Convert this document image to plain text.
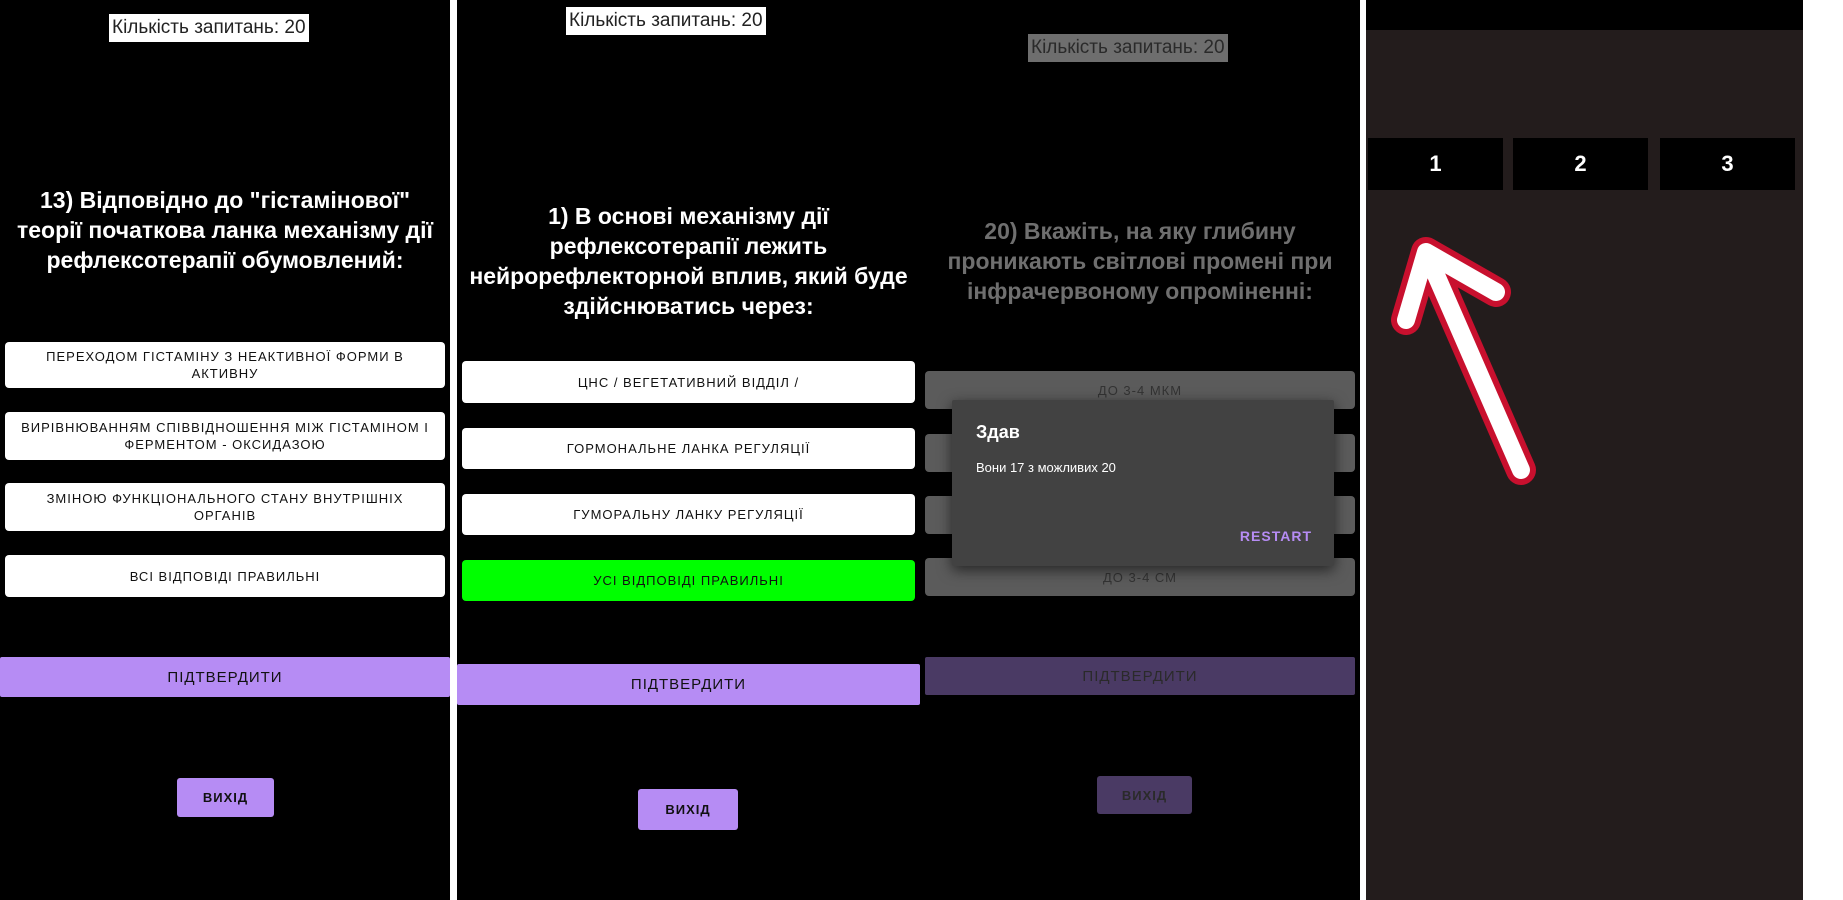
Кількість запитань: 20
13) Відповідно до "гістамінової" теорії початкова ланка механізму дії рефлексотерапії обумовлений:
ПЕРЕХОДОМ ГІСТАМІНУ З НЕАКТИВНОЇ ФОРМИ В АКТИВНУ
ВИРІВНЮВАННЯМ СПІВВІДНОШЕННЯ МІЖ ГІСТАМІНОМ І ФЕРМЕНТОМ - ОКСИДАЗОЮ
ЗМІНОЮ ФУНКЦІОНАЛЬНОГО СТАНУ ВНУТРІШНІХ ОРГАНІВ
ВСІ ВІДПОВІДІ ПРАВИЛЬНІ
ПІДТВЕРДИТИ
ВИХІД
Кількість запитань: 20
1) В основі механізму дії рефлексотерапії лежить нейрорефлекторной вплив, який буде здійснюватись через:
ЦНС / ВЕГЕТАТИВНИЙ ВІДДІЛ /
ГОРМОНАЛЬНЕ ЛАНКА РЕГУЛЯЦІЇ
ГУМОРАЛЬНУ ЛАНКУ РЕГУЛЯЦІЇ
УСІ ВІДПОВІДІ ПРАВИЛЬНІ
ПІДТВЕРДИТИ
ВИХІД
Кількість запитань: 20
20) Вкажіть, на яку глибину проникають світлові промені при інфрачервоному опроміненні:
ДО 3-4 МКМ
ДО 3-4 СМ
ПІДТВЕРДИТИ
ВИХІД
Здав
Вони 17 з можливих 20
RESTART
1	2	3
